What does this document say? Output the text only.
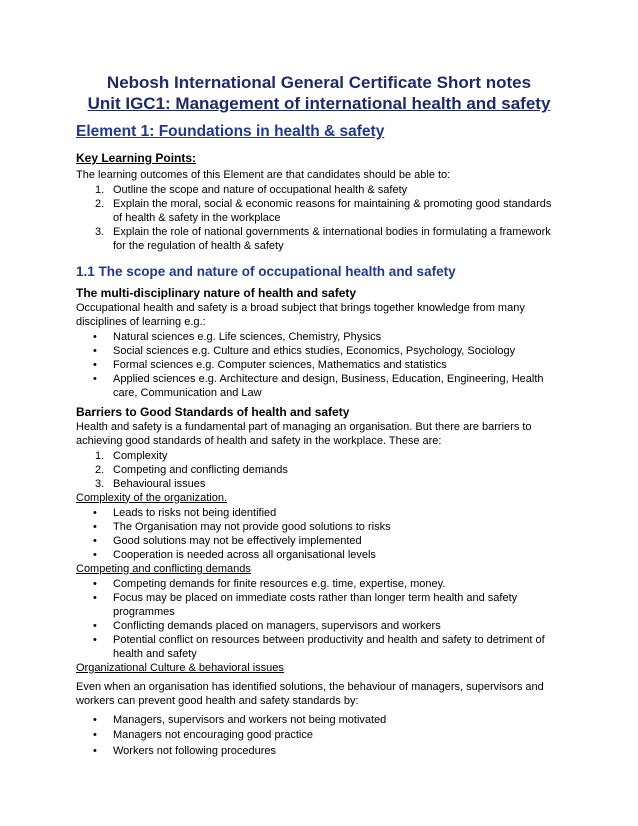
Nebosh International General Certificate Short notes
Unit IGC1: Management of international health and safety
Element 1: Foundations in health & safety
Key Learning Points:

The learning outcomes of this Element are that candidates should be able to:

1. Outline the scope and nature of occupational health & safety
2. Explain the moral, social & economic reasons for maintaining & promoting good standards of health & safety in the workplace
3. Explain the role of national governments & international bodies in formulating a framework for the regulation of health & safety
1.1 The scope and nature of occupational health and safety
The multi-disciplinary nature of health and safety

Occupational health and safety is a broad subject that brings together knowledge from many disciplines of learning e.g.:

• Natural sciences e.g. Life sciences, Chemistry, Physics
• Social sciences e.g. Culture and ethics studies, Economics, Psychology, Sociology
• Formal sciences e.g. Computer sciences, Mathematics and statistics
• Applied sciences e.g. Architecture and design, Business, Education, Engineering, Health care, Communication and Law
Barriers to Good Standards of health and safety

Health and safety is a fundamental part of managing an organisation. But there are barriers to achieving good standards of health and safety in the workplace. These are:

1. Complexity
2. Competing and conflicting demands
3. Behavioural issues
Complexity of the organization.
• Leads to risks not being identified
• The Organisation may not provide good solutions to risks
• Good solutions may not be effectively implemented
• Cooperation is needed across all organisational levels
Competing and conflicting demands
• Competing demands for finite resources e.g. time, expertise, money.
• Focus may be placed on immediate costs rather than longer term health and safety programmes
• Conflicting demands placed on managers, supervisors and workers
• Potential conflict on resources between productivity and health and safety to detriment of health and safety
Organizational Culture & behavioral issues

Even when an organisation has identified solutions, the behaviour of managers, supervisors and workers can prevent good health and safety standards by:

• Managers, supervisors and workers not being motivated
• Managers not encouraging good practice
• Workers not following procedures
